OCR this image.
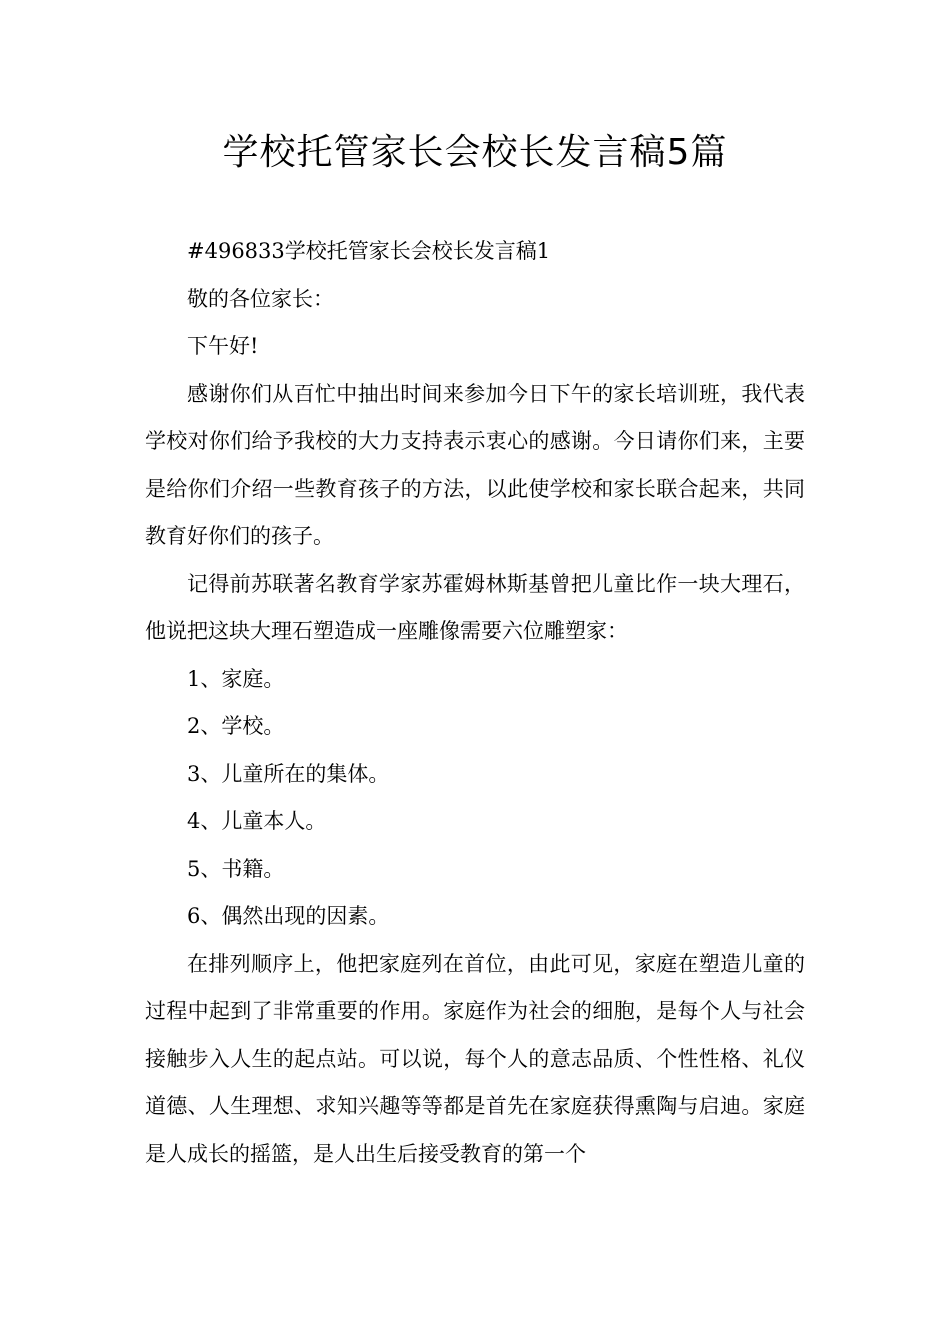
学校托管家长会校长发言稿5篇

#496833学校托管家长会校长发言稿1

敬的各位家长：

下午好!

感谢你们从百忙中抽出时间来参加今日下午的家长培训班，我代表学校对你们给予我校的大力支持表示衷心的感谢。今日请你们来，主要是给你们介绍一些教育孩子的方法，以此使学校和家长联合起来，共同教育好你们的孩子。

记得前苏联著名教育学家苏霍姆林斯基曾把儿童比作一块大理石，他说把这块大理石塑造成一座雕像需要六位雕塑家：

1、家庭。

2、学校。

3、儿童所在的集体。

4、儿童本人。

5、书籍。

6、偶然出现的因素。

在排列顺序上，他把家庭列在首位，由此可见，家庭在塑造儿童的过程中起到了非常重要的作用。家庭作为社会的细胞，是每个人与社会接触步入人生的起点站。可以说，每个人的意志品质、个性性格、礼仪道德、人生理想、求知兴趣等等都是首先在家庭获得熏陶与启迪。家庭是人成长的摇篮，是人出生后接受教育的第一个
